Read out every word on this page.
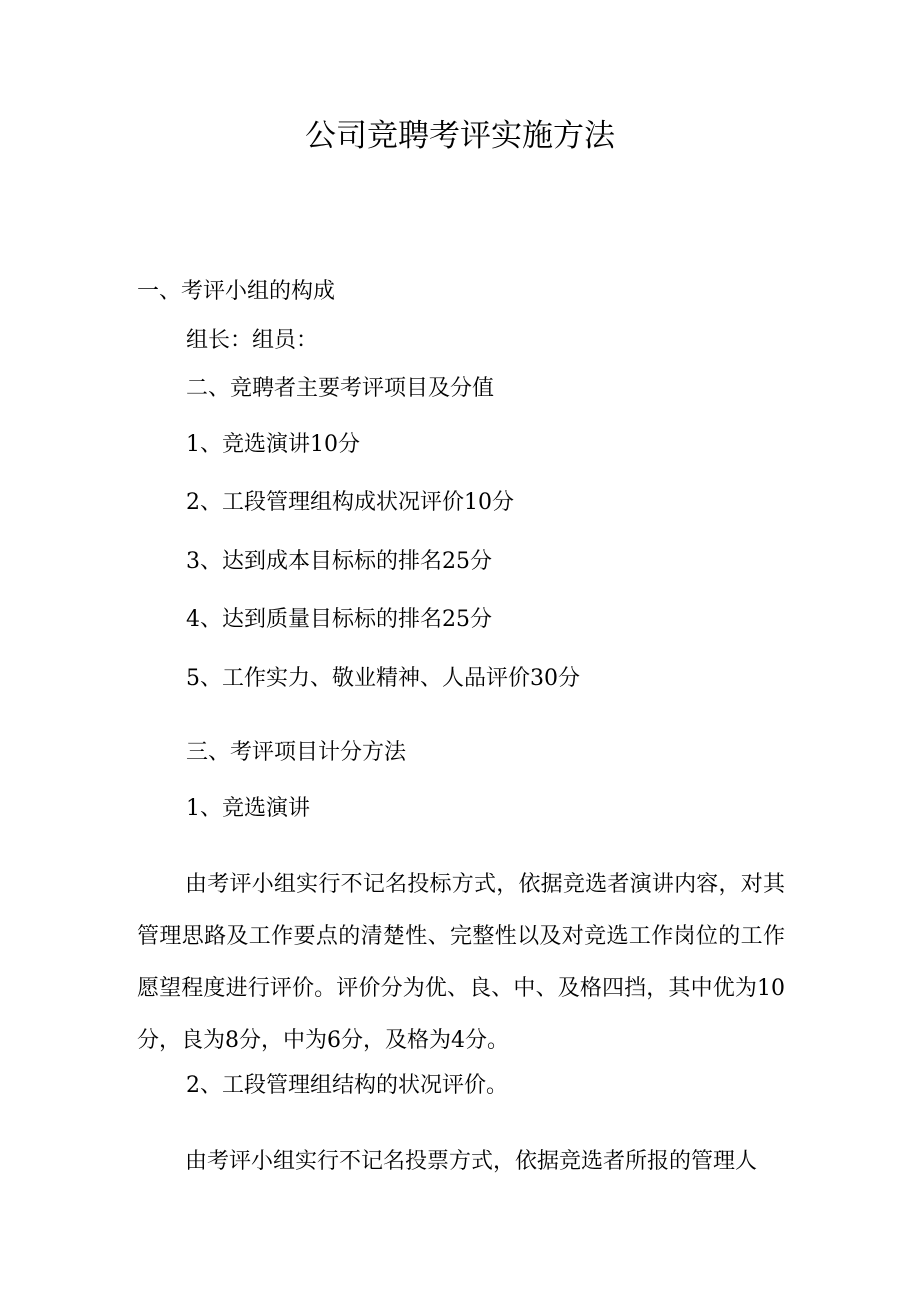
公司竞聘考评实施方法
一、考评小组的构成
组长：组员：
二、竞聘者主要考评项目及分值
1、竞选演讲10分
2、工段管理组构成状况评价10分
3、达到成本目标标的排名25分
4、达到质量目标标的排名25分
5、工作实力、敬业精神、人品评价30分
三、考评项目计分方法
1、竞选演讲
由考评小组实行不记名投标方式，依据竞选者演讲内容，对其管理思路及工作要点的清楚性、完整性以及对竞选工作岗位的工作愿望程度进行评价。评价分为优、良、中、及格四挡，其中优为10分，良为8分，中为6分，及格为4分。
2、工段管理组结构的状况评价。
由考评小组实行不记名投票方式，依据竞选者所报的管理人
